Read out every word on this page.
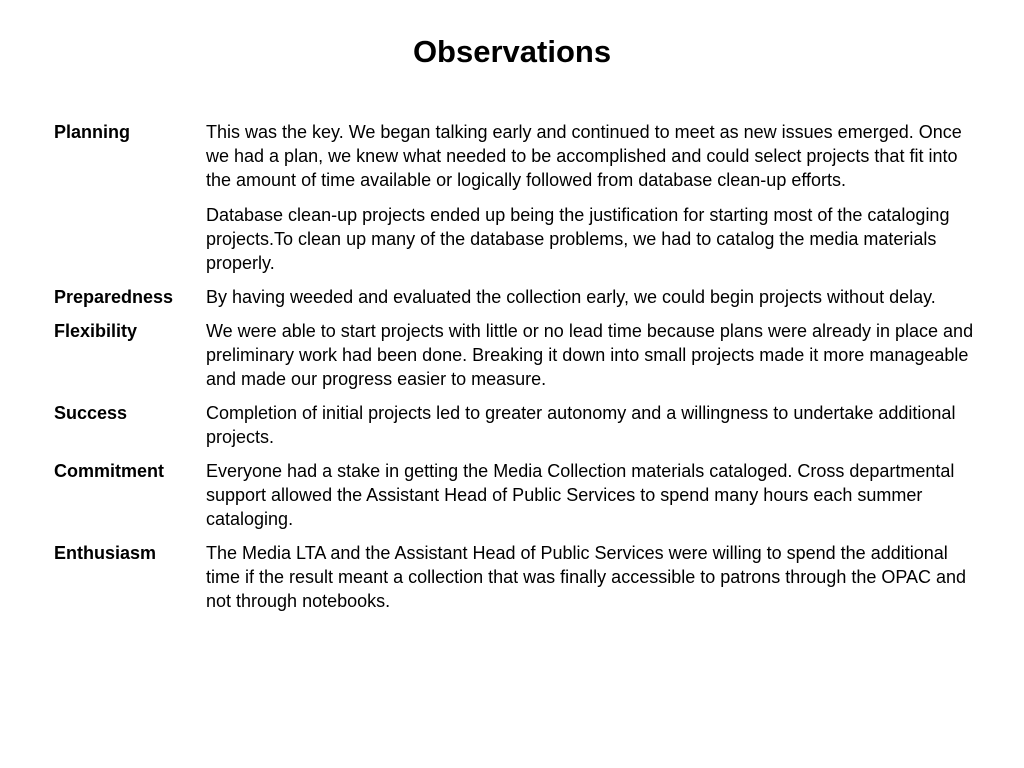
Observations
Planning	This was the key. We began talking early and continued to meet as new issues emerged. Once we had a plan, we knew what needed to be accomplished and could select projects that fit into the amount of time available or logically followed from database clean-up efforts.

Database clean-up projects ended up being the justification for starting most of the cataloging projects.To clean up many of the database problems, we had to catalog the media materials properly.

Preparedness	By having weeded and evaluated the collection early, we could begin projects without delay.

Flexibility	We were able to start projects with little or no lead time because plans were already in place and preliminary work had been done. Breaking it down into small projects made it more manageable and made our progress easier to measure.

Success	Completion of initial projects led to greater autonomy and a willingness to undertake additional projects.

Commitment	Everyone had a stake in getting the Media Collection materials cataloged. Cross departmental support allowed the Assistant Head of Public Services to spend many hours each summer cataloging.

Enthusiasm	The Media LTA and the Assistant Head of Public Services were willing to spend the additional time if the result meant a collection that was finally accessible to patrons through the OPAC and not through notebooks.
